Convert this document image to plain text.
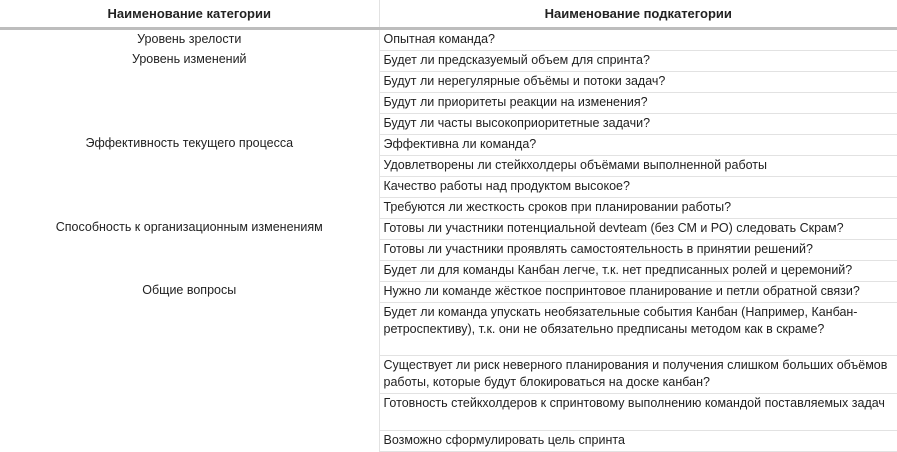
Наименование категории	Наименование подкатегории
Уровень зрелости	Опытная команда?

Уровень изменений	Будет ли предсказуемый объем для спринта?

	Будут ли нерегулярные объёмы и потоки задач?

	Будут ли приоритеты реакции на изменения?

	Будут ли часты высокоприоритетные задачи?

Эффективность текущего процесса	Эффективна ли команда?

	Удовлетворены ли стейкхолдеры объёмами выполненной работы

	Качество работы над продуктом высокое?

	Требуются ли жесткость сроков при планировании работы?

Способность к организационным изменениям	Готовы ли участники потенциальной devteam (без СМ и РО) следовать Скрам?

	Готовы ли участники проявлять самостоятельность в принятии решений?

	Будет ли для команды Канбан легче, т.к. нет предписанных ролей и церемоний?

Общие вопросы	Нужно ли команде жёсткое поспринтовое планирование и петли обратной связи?

	Будет ли команда упускать необязательные события Канбан (Например, Канбан-ретроспективу), т.к. они не обязательно предписаны методом как в скраме?

	Существует ли риск неверного планирования и получения слишком больших объёмов работы, которые будут блокироваться на доске канбан?

	Готовность стейкхолдеров к спринтовому выполнению командой поставляемых задач

	Возможно сформулировать цель спринта
